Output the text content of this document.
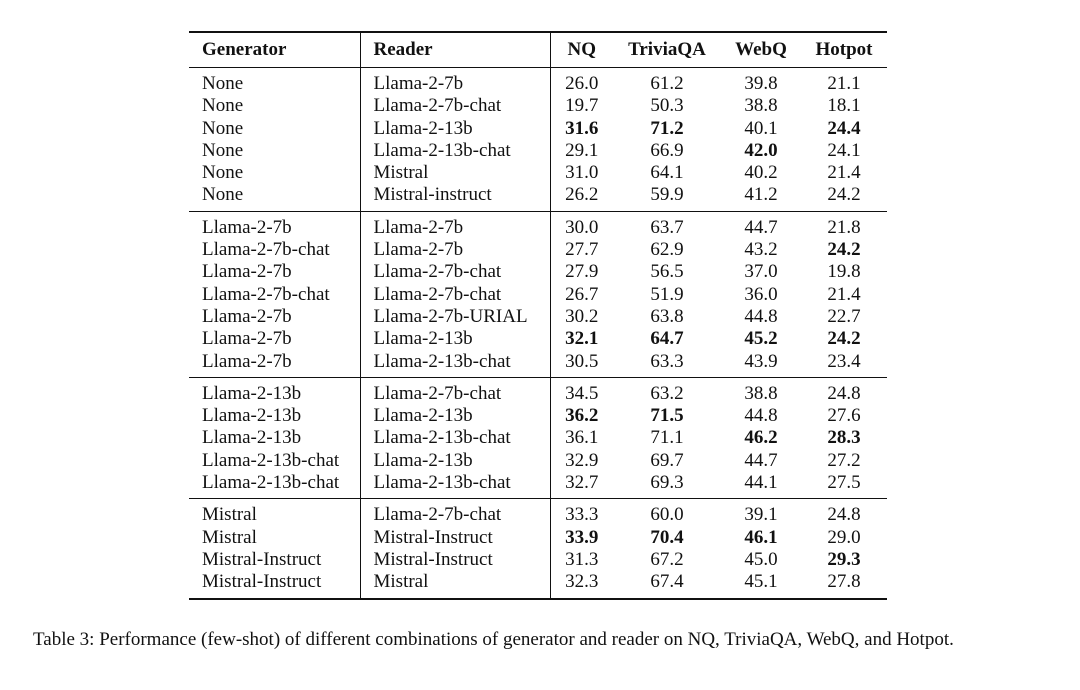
Generator	Reader	NQ	TriviaQA	WebQ	Hotpot
None	Llama-2-7b	26.0	61.2	39.8	21.1
None	Llama-2-7b-chat	19.7	50.3	38.8	18.1
None	Llama-2-13b	31.6	71.2	40.1	24.4
None	Llama-2-13b-chat	29.1	66.9	42.0	24.1
None	Mistral	31.0	64.1	40.2	21.4
None	Mistral-instruct	26.2	59.9	41.2	24.2
Llama-2-7b	Llama-2-7b	30.0	63.7	44.7	21.8
Llama-2-7b-chat	Llama-2-7b	27.7	62.9	43.2	24.2
Llama-2-7b	Llama-2-7b-chat	27.9	56.5	37.0	19.8
Llama-2-7b-chat	Llama-2-7b-chat	26.7	51.9	36.0	21.4
Llama-2-7b	Llama-2-7b-URIAL	30.2	63.8	44.8	22.7
Llama-2-7b	Llama-2-13b	32.1	64.7	45.2	24.2
Llama-2-7b	Llama-2-13b-chat	30.5	63.3	43.9	23.4
Llama-2-13b	Llama-2-7b-chat	34.5	63.2	38.8	24.8
Llama-2-13b	Llama-2-13b	36.2	71.5	44.8	27.6
Llama-2-13b	Llama-2-13b-chat	36.1	71.1	46.2	28.3
Llama-2-13b-chat	Llama-2-13b	32.9	69.7	44.7	27.2
Llama-2-13b-chat	Llama-2-13b-chat	32.7	69.3	44.1	27.5
Mistral	Llama-2-7b-chat	33.3	60.0	39.1	24.8
Mistral	Mistral-Instruct	33.9	70.4	46.1	29.0
Mistral-Instruct	Mistral-Instruct	31.3	67.2	45.0	29.3
Mistral-Instruct	Mistral	32.3	67.4	45.1	27.8

Table 3: Performance (few-shot) of different combinations of generator and reader on NQ, TriviaQA, WebQ, and Hotpot.
